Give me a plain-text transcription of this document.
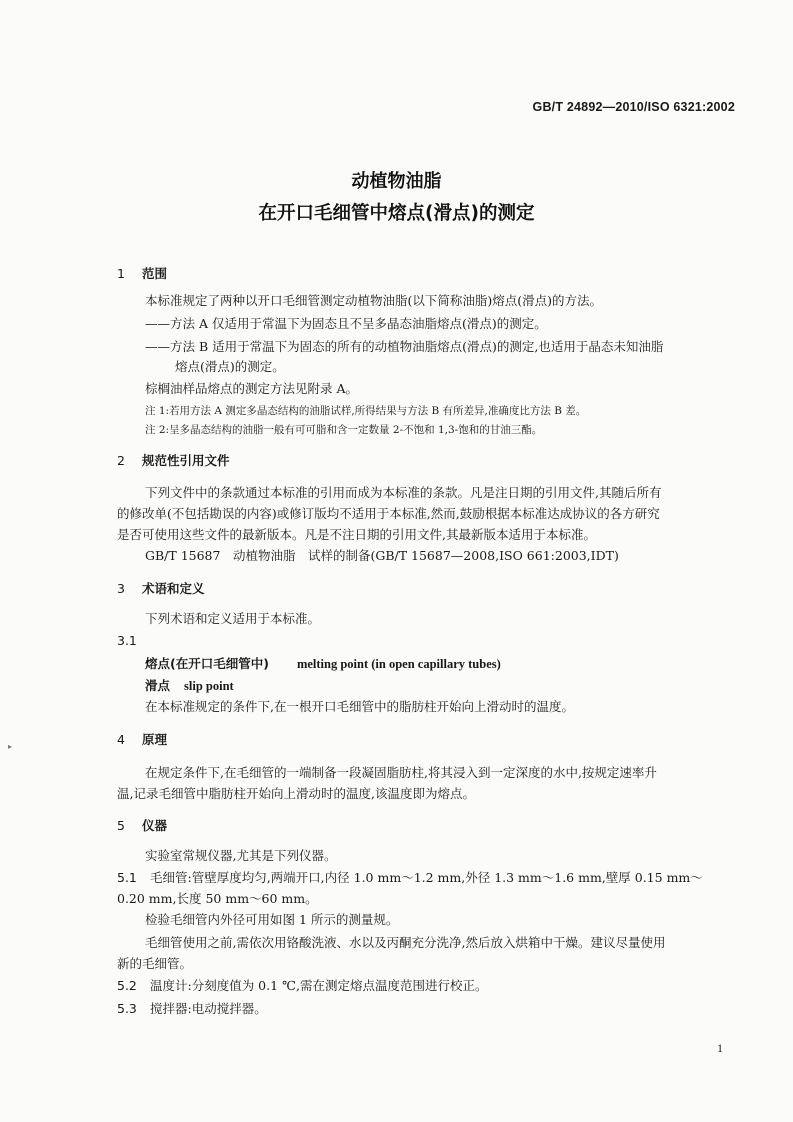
GB/T 24892—2010/ISO 6321:2002
动植物油脂
在开口毛细管中熔点(滑点)的测定
1 范围
本标准规定了两种以开口毛细管测定动植物油脂(以下简称油脂)熔点(滑点)的方法。
——方法 A 仅适用于常温下为固态且不呈多晶态油脂熔点(滑点)的测定。
——方法 B 适用于常温下为固态的所有的动植物油脂熔点(滑点)的测定,也适用于晶态未知油脂
熔点(滑点)的测定。
棕榈油样品熔点的测定方法见附录 A。
注 1:若用方法 A 测定多晶态结构的油脂试样,所得结果与方法 B 有所差异,准确度比方法 B 差。
注 2:呈多晶态结构的油脂一般有可可脂和含一定数量 2-不饱和 1,3-饱和的甘油三酯。
2 规范性引用文件
下列文件中的条款通过本标准的引用而成为本标准的条款。凡是注日期的引用文件,其随后所有
的修改单(不包括勘误的内容)或修订版均不适用于本标准,然而,鼓励根据本标准达成协议的各方研究
是否可使用这些文件的最新版本。凡是不注日期的引用文件,其最新版本适用于本标准。
GB/T 15687　动植物油脂　试样的制备(GB/T 15687—2008,ISO 661:2003,IDT)
3 术语和定义
下列术语和定义适用于本标准。
3.1
熔点(在开口毛细管中) melting point (in open capillary tubes)
滑点 slip point
在本标准规定的条件下,在一根开口毛细管中的脂肪柱开始向上滑动时的温度。
▸	4 原理
在规定条件下,在毛细管的一端制备一段凝固脂肪柱,将其浸入到一定深度的水中,按规定速率升
温,记录毛细管中脂肪柱开始向上滑动时的温度,该温度即为熔点。
5 仪器
实验室常规仪器,尤其是下列仪器。
5.1 毛细管:管壁厚度均匀,两端开口,内径 1.0 mm～1.2 mm,外径 1.3 mm～1.6 mm,壁厚 0.15 mm～
0.20 mm,长度 50 mm～60 mm。
检验毛细管内外径可用如图 1 所示的测量规。
毛细管使用之前,需依次用铬酸洗液、水以及丙酮充分洗净,然后放入烘箱中干燥。建议尽量使用
新的毛细管。
5.2 温度计:分刻度值为 0.1 ℃,需在测定熔点温度范围进行校正。
5.3 搅拌器:电动搅拌器。
1
